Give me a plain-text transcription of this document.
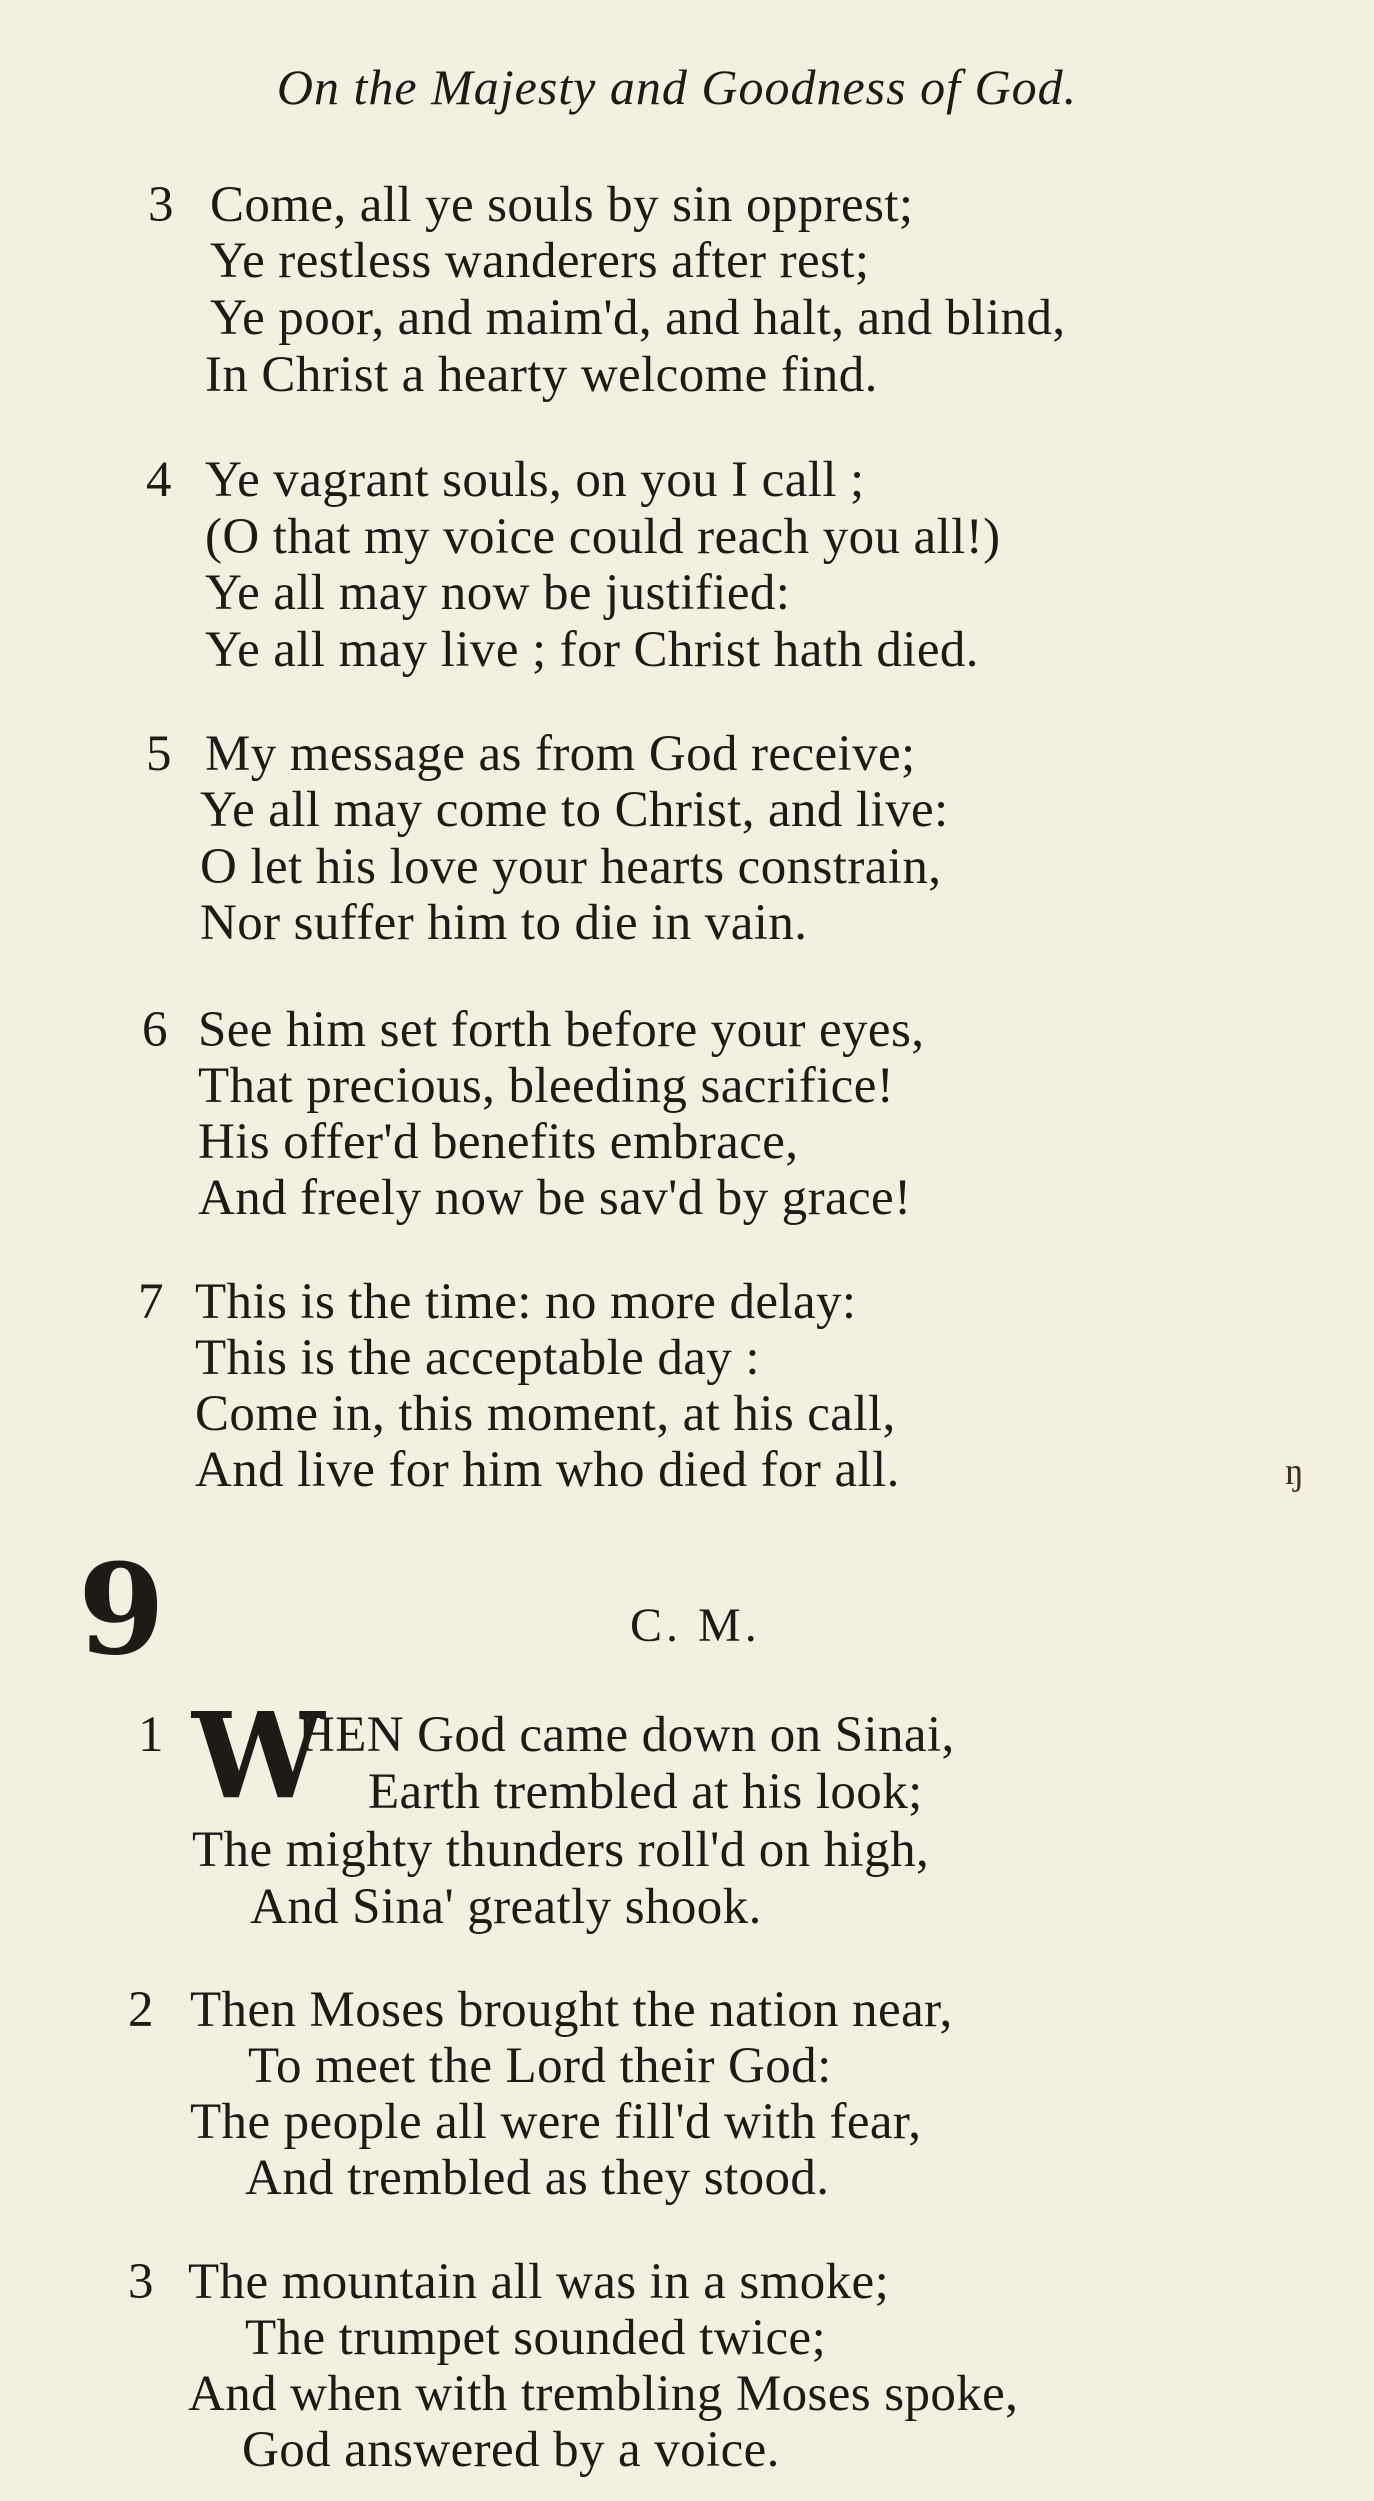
On the Majesty and Goodness of God.
3 Come, all ye souls by sin opprest;
Ye restless wanderers after rest;
Ye poor, and maim'd, and halt, and blind,
In Christ a hearty welcome find.
4 Ye vagrant souls, on you I call ;
(O that my voice could reach you all!)
Ye all may now be justified:
Ye all may live ; for Christ hath died.
5 My message as from God receive;
Ye all may come to Christ, and live:
O let his love your hearts constrain,
Nor suffer him to die in vain.
6 See him set forth before your eyes,
That precious, bleeding sacrifice!
His offer'd benefits embrace,
And freely now be sav'd by grace!
7 This is the time: no more delay:
This is the acceptable day :
Come in, this moment, at his call,
And live for him who died for all.	ŋ
9	C. M.
1 W
HEN God came down on Sinai,
Earth trembled at his look;
The mighty thunders roll'd on high,
And Sina' greatly shook.
2 Then Moses brought the nation near,
To meet the Lord their God:
The people all were fill'd with fear,
And trembled as they stood.
3 The mountain all was in a smoke;
The trumpet sounded twice;
And when with trembling Moses spoke,
God answered by a voice.
